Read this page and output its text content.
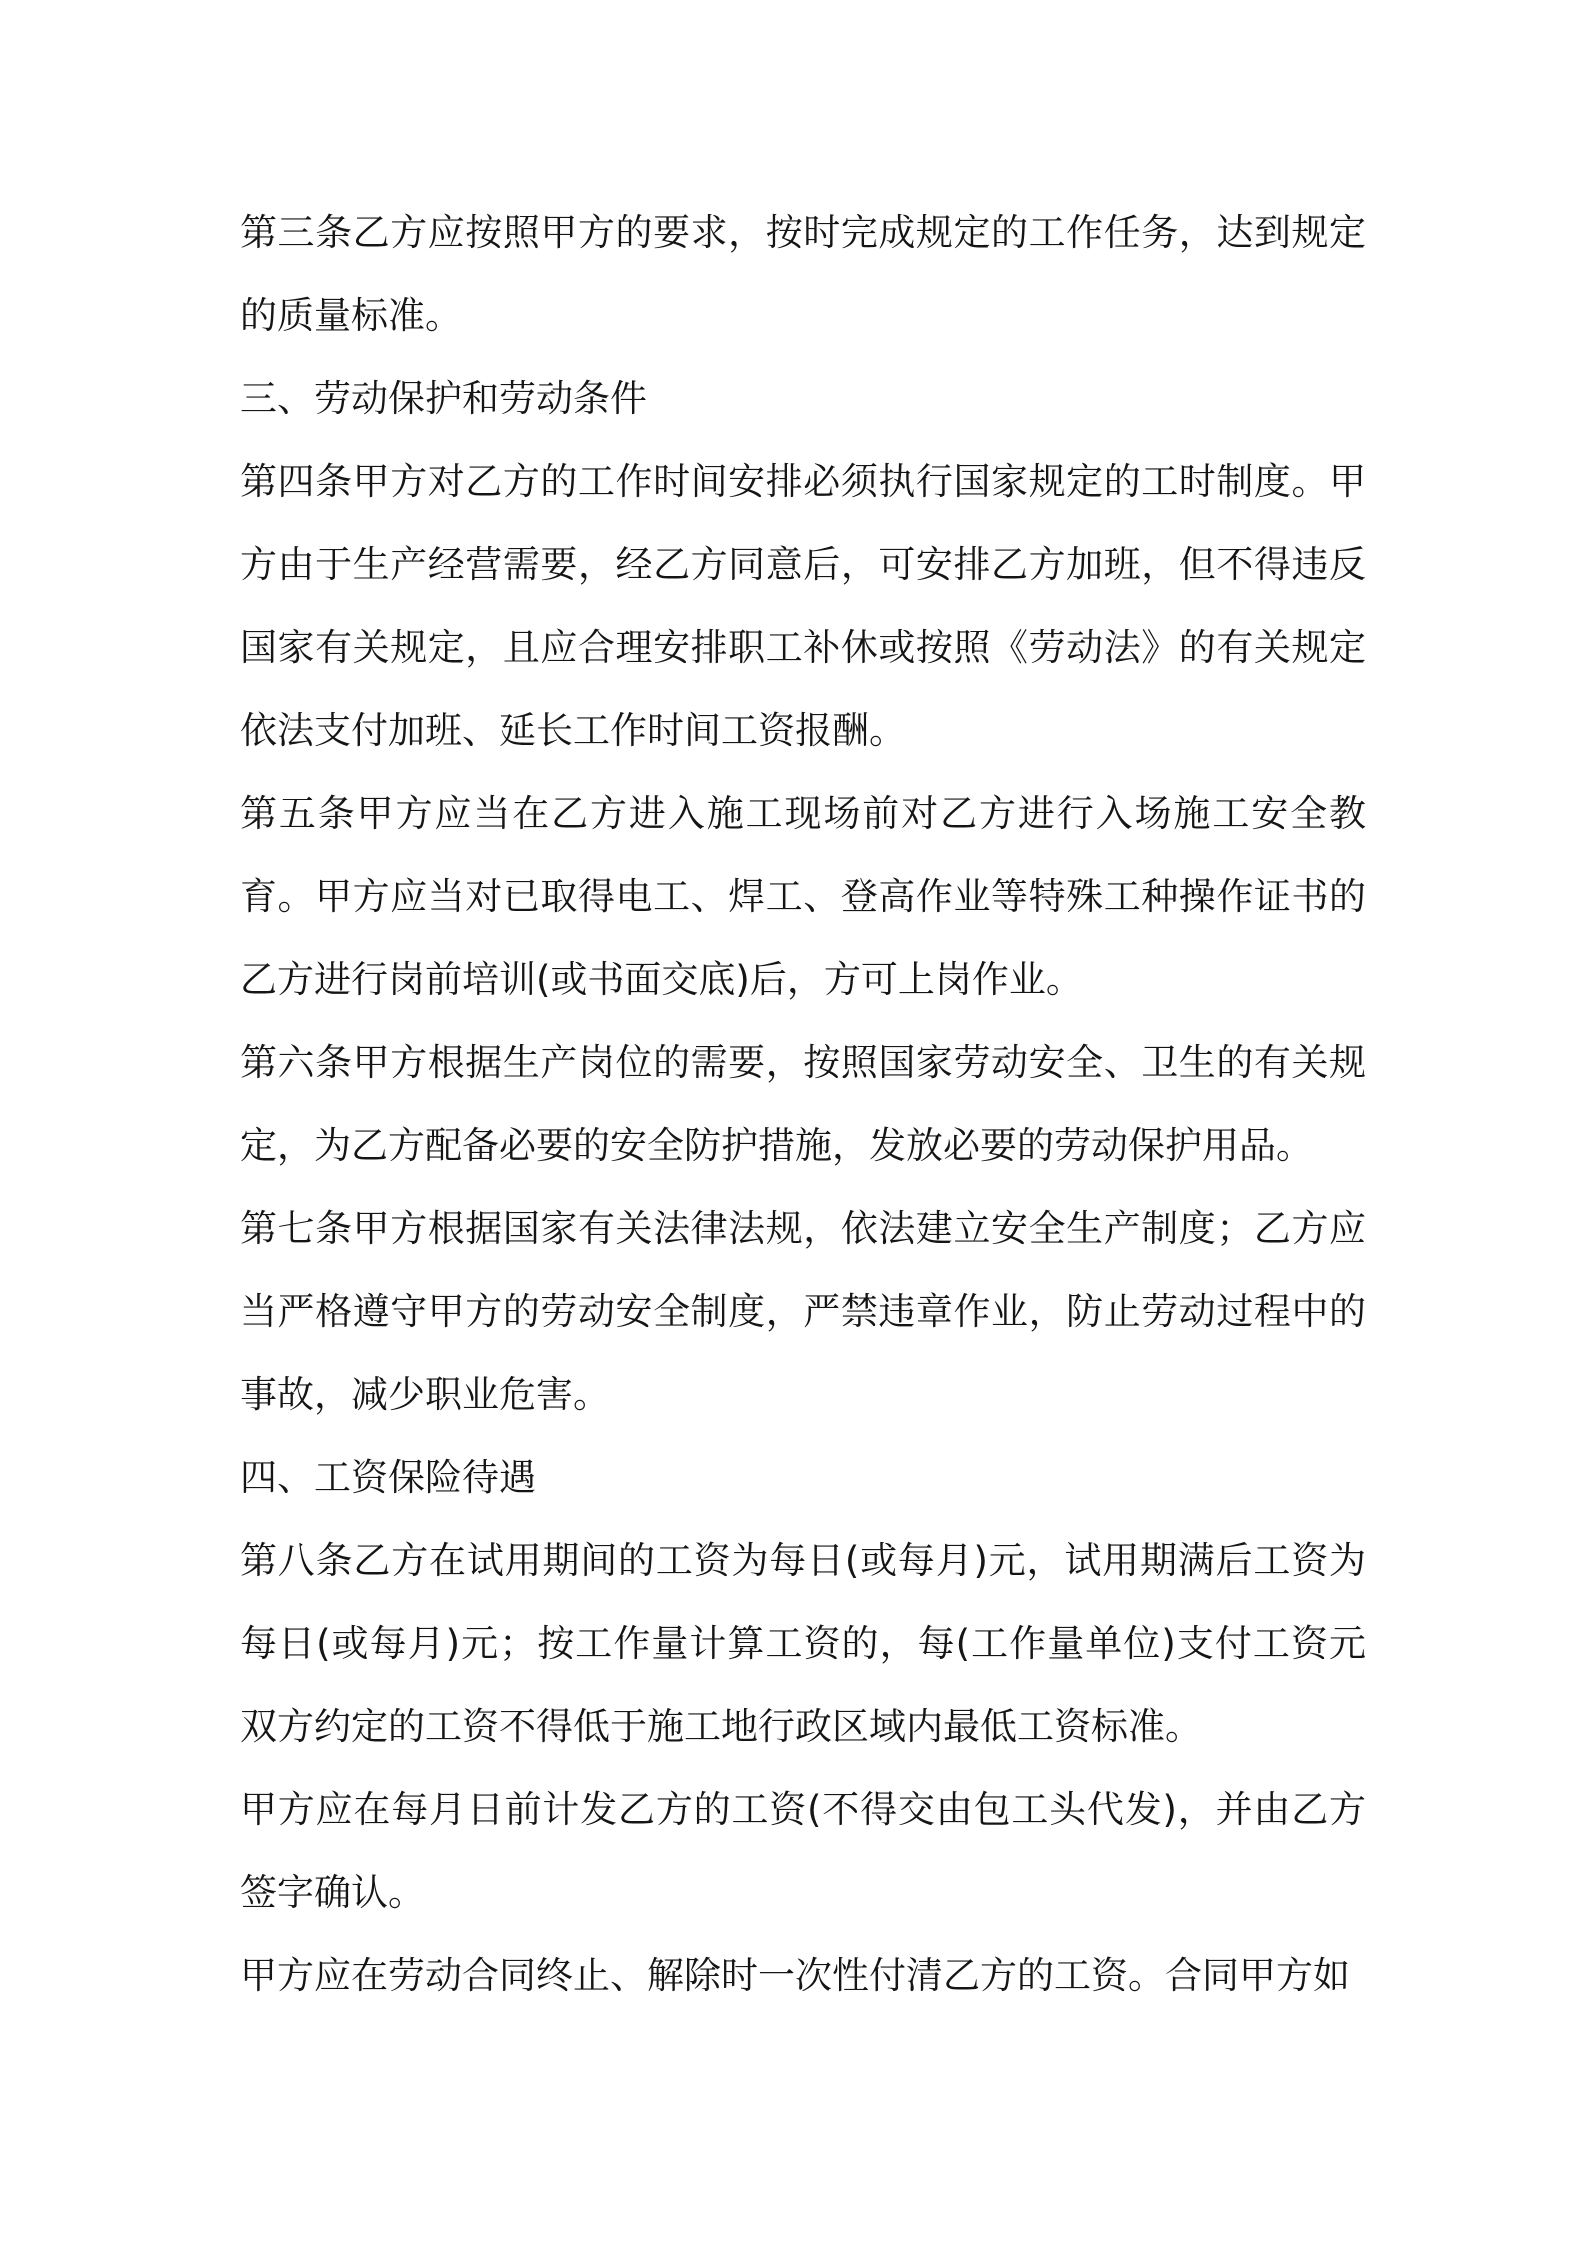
第三条乙方应按照甲方的要求，按时完成规定的工作任务，达到规定的质量标准。

三、劳动保护和劳动条件

第四条甲方对乙方的工作时间安排必须执行国家规定的工时制度。甲方由于生产经营需要，经乙方同意后，可安排乙方加班，但不得违反国家有关规定，且应合理安排职工补休或按照《劳动法》的有关规定依法支付加班、延长工作时间工资报酬。

第五条甲方应当在乙方进入施工现场前对乙方进行入场施工安全教育。甲方应当对已取得电工、焊工、登高作业等特殊工种操作证书的乙方进行岗前培训(或书面交底)后，方可上岗作业。

第六条甲方根据生产岗位的需要，按照国家劳动安全、卫生的有关规定，为乙方配备必要的安全防护措施，发放必要的劳动保护用品。

第七条甲方根据国家有关法律法规，依法建立安全生产制度；乙方应当严格遵守甲方的劳动安全制度，严禁违章作业，防止劳动过程中的事故，减少职业危害。

四、工资保险待遇

第八条乙方在试用期间的工资为每日(或每月)元，试用期满后工资为每日(或每月)元；按工作量计算工资的，每(工作量单位)支付工资元双方约定的工资不得低于施工地行政区域内最低工资标准。

甲方应在每月日前计发乙方的工资(不得交由包工头代发)，并由乙方签字确认。

甲方应在劳动合同终止、解除时一次性付清乙方的工资。合同甲方如
